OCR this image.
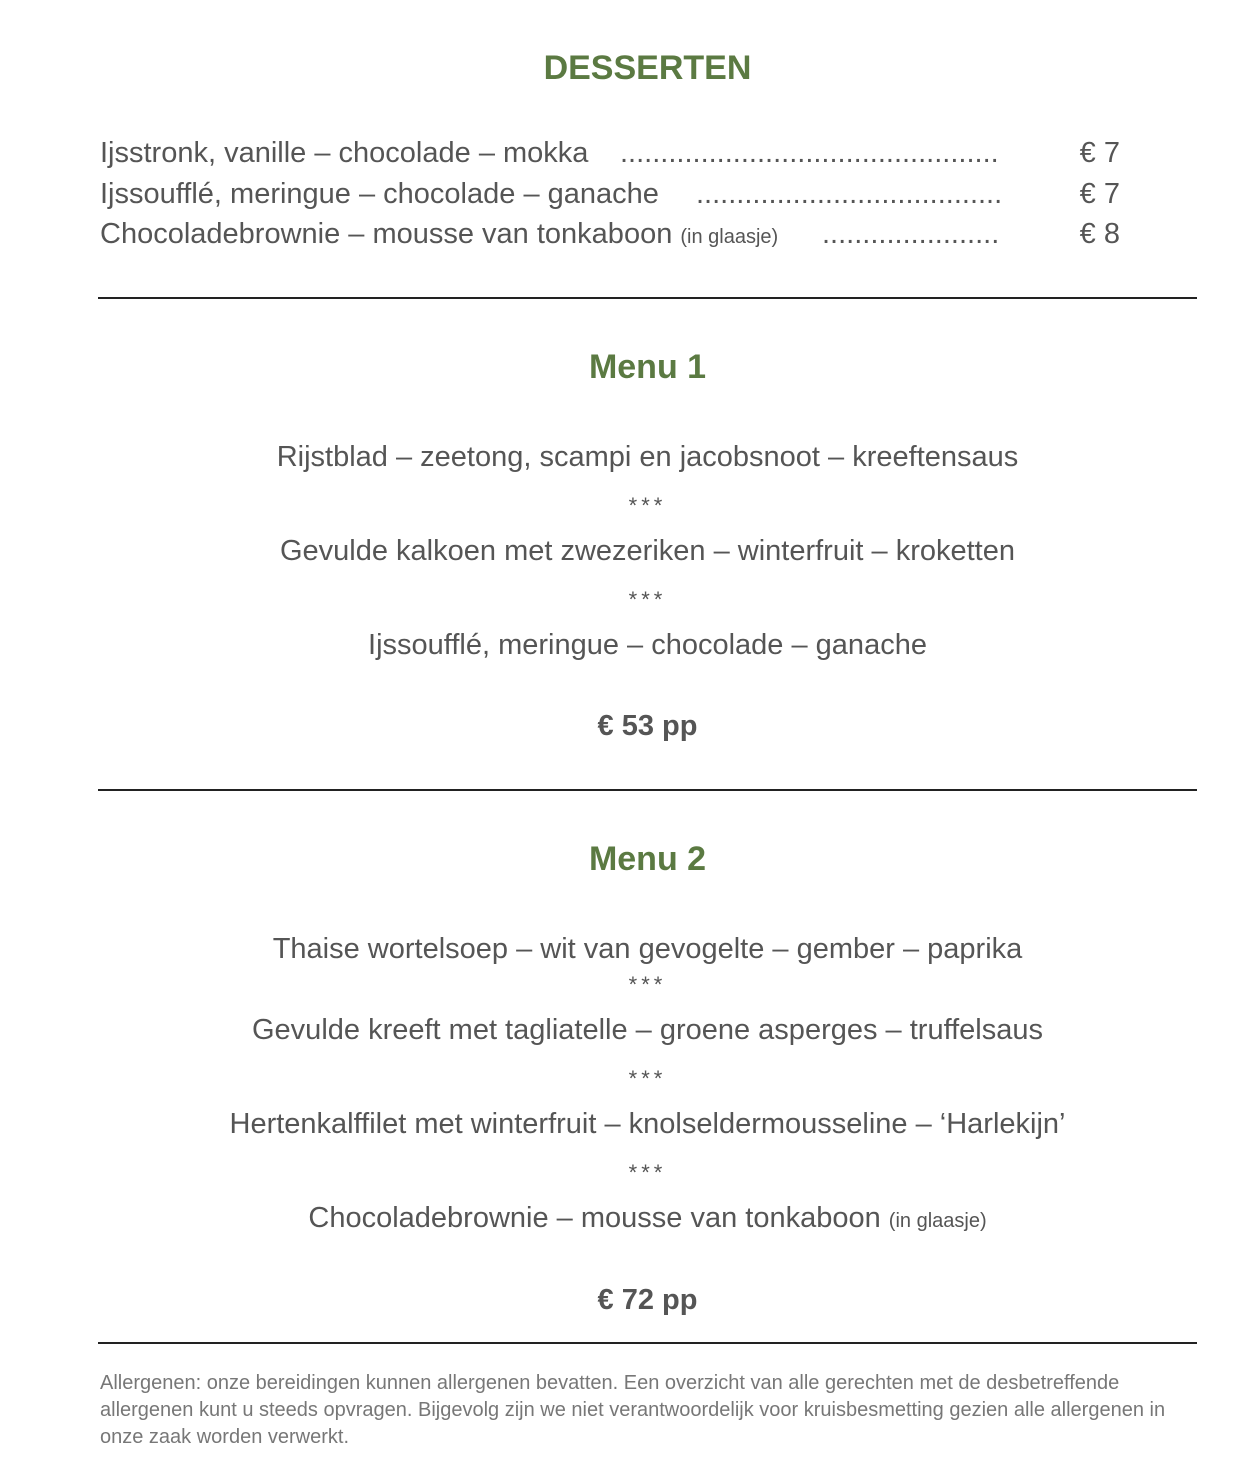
DESSERTEN
Ijsstronk, vanille – chocolade – mokka ...............................................	€ 7
Ijssoufflé, meringue – chocolade – ganache ......................................	€ 7
Chocoladebrownie – mousse van tonkaboon (in glaasje) ......................	€ 8
Menu 1
Rijstblad – zeetong, scampi en jacobsnoot – kreeftensaus
***
Gevulde kalkoen met zwezeriken – winterfruit – kroketten
***
Ijssoufflé, meringue – chocolade – ganache
€ 53 pp
Menu 2
Thaise wortelsoep – wit van gevogelte – gember – paprika
***
Gevulde kreeft met tagliatelle – groene asperges – truffelsaus
***
Hertenkalffilet met winterfruit – knolseldermousseline – ‘Harlekijn’
***
Chocoladebrownie – mousse van tonkaboon (in glaasje)
€ 72 pp
Allergenen: onze bereidingen kunnen allergenen bevatten. Een overzicht van alle gerechten met de desbetreffende
allergenen kunt u steeds opvragen. Bijgevolg zijn we niet verantwoordelijk voor kruisbesmetting gezien alle allergenen in
onze zaak worden verwerkt.
